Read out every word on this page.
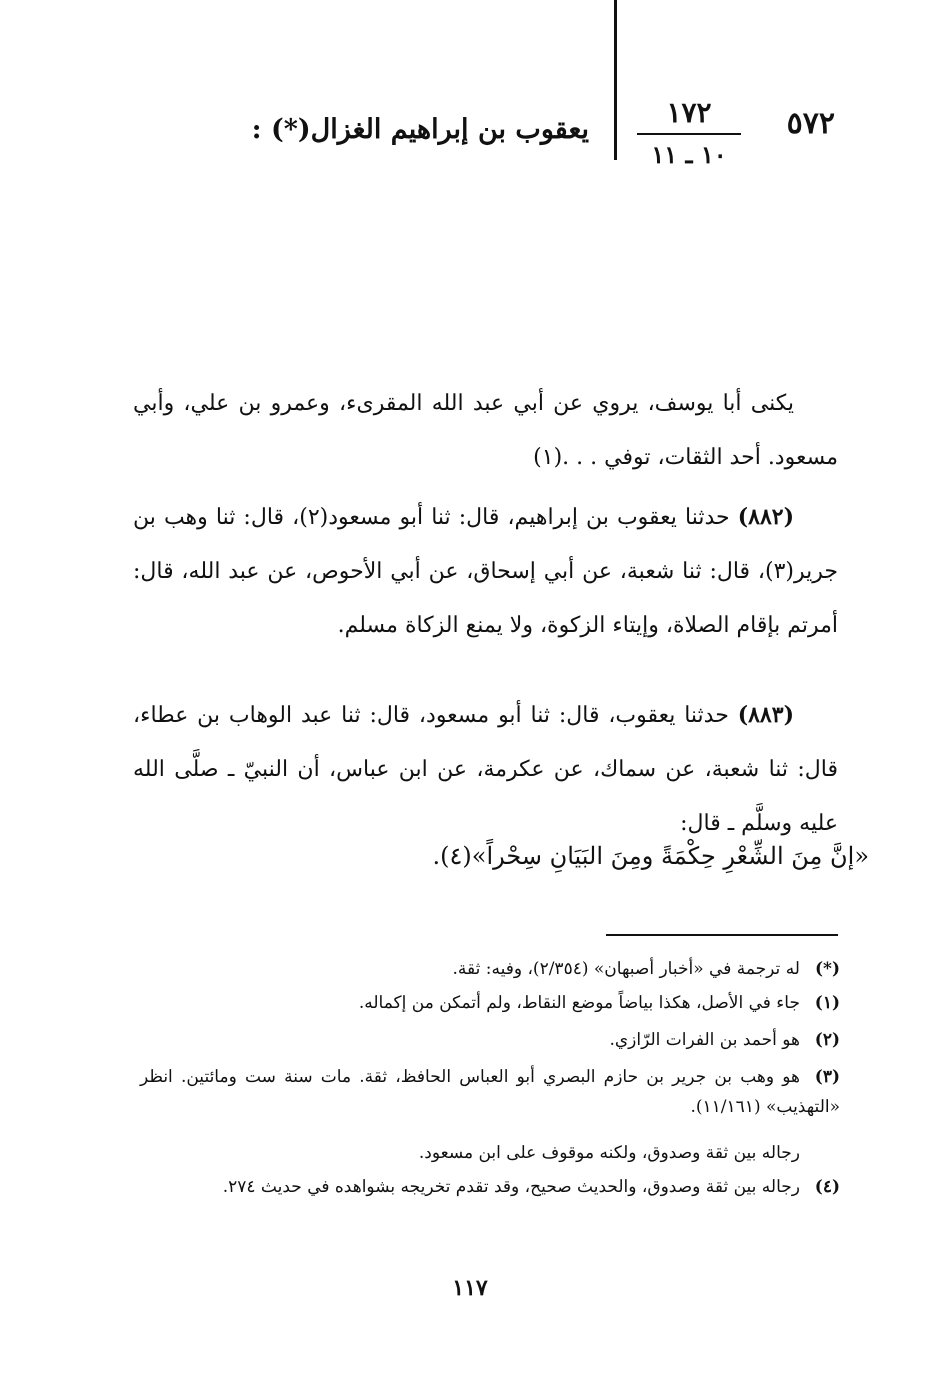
٥٧٢
١٧٢
١٠ ـ ١١
يعقوب بن إبراهيم الغزال(*) :
يكنى أبا يوسف، يروي عن أبي عبد الله المقرىء، وعمرو بن علي، وأبي مسعود. أحد الثقات، توفي . . .(١)
(٨٨٢) حدثنا يعقوب بن إبراهيم، قال: ثنا أبو مسعود(٢)، قال: ثنا وهب بن جرير(٣)، قال: ثنا شعبة، عن أبي إسحاق، عن أبي الأحوص، عن عبد الله، قال: أمرتم بإقام الصلاة، وإيتاء الزكوة، ولا يمنع الزكاة مسلم.
(٨٨٣) حدثنا يعقوب، قال: ثنا أبو مسعود، قال: ثنا عبد الوهاب بن عطاء، قال: ثنا شعبة، عن سماك، عن عكرمة، عن ابن عباس، أن النبيّ ـ صلَّى الله عليه وسلَّم ـ قال:
«إنَّ مِنَ الشِّعْرِ حِكْمَةً ومِنَ البَيَانِ سِحْراً»(٤).
(*)له ترجمة في «أخبار أصبهان» (٢/٣٥٤)، وفيه: ثقة.
(١)جاء في الأصل، هكذا بياضاً موضع النقاط، ولم أتمكن من إكماله.
(٢)هو أحمد بن الفرات الرّازي.
(٣)هو وهب بن جرير بن حازم البصري أبو العباس الحافظ، ثقة. مات سنة ست ومائتين. انظر «التهذيب» (١١/١٦١).
رجاله بين ثقة وصدوق، ولكنه موقوف على ابن مسعود.
(٤)رجاله بين ثقة وصدوق، والحديث صحيح، وقد تقدم تخريجه بشواهده في حديث ٢٧٤.
١١٧
